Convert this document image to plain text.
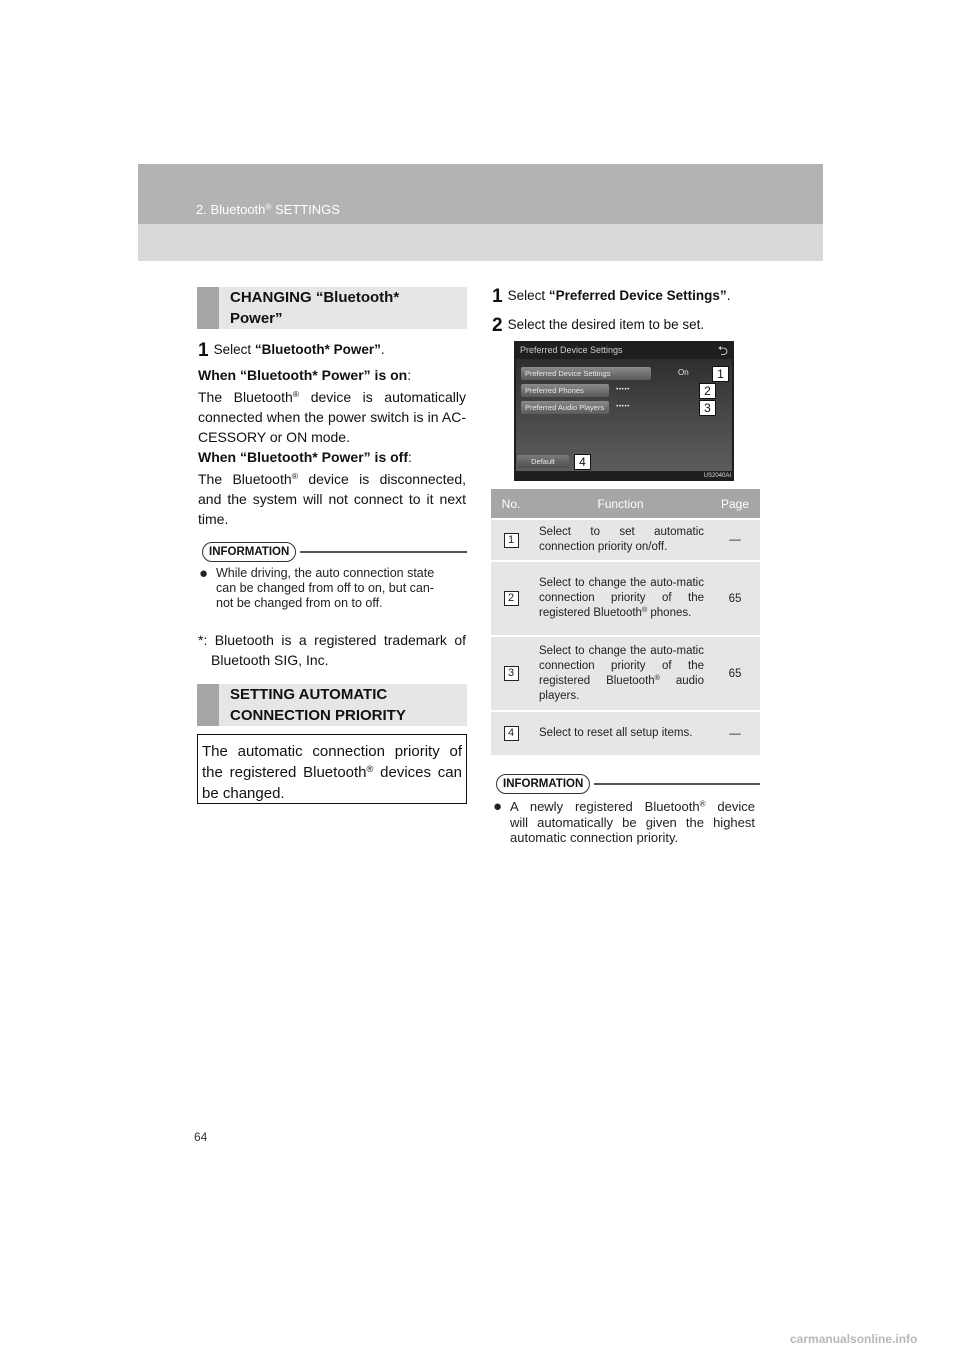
2. Bluetooth® SETTINGS
CHANGING “Bluetooth*
Power”
1 Select “Bluetooth* Power”.
When “Bluetooth* Power” is on:
The Bluetooth® device is automatically
connected when the power switch is in AC-
CESSORY or ON mode.
When “Bluetooth* Power” is off:
The Bluetooth® device is disconnected,
and the system will not connect to it next
time.
INFORMATION
● While driving, the auto connection state
can be changed from off to on, but can-
not be changed from on to off.
*: Bluetooth is a registered trademark of
Bluetooth SIG, Inc.
SETTING AUTOMATIC
CONNECTION PRIORITY
The automatic connection priority of
the registered Bluetooth® devices can
be changed.
1 Select “Preferred Device Settings”.
2 Select the desired item to be set.
Preferred Device Settings	⮌
Preferred Device Settings	On	1
Preferred Phones	•••••	2
Preferred Audio Players	•••••	3
Default	4
US2040AI
No.	Function	Page
1	Select to set automatic connection priority on/off.	—
2	Select to change the auto-matic connection priority of the registered Bluetooth® phones.	65
3	Select to change the auto-matic connection priority of the registered Bluetooth® audio players.	65
4	Select to reset all setup items.	—
INFORMATION
● A newly registered Bluetooth® device
will automatically be given the highest
automatic connection priority.
64
carmanualsonline.info
